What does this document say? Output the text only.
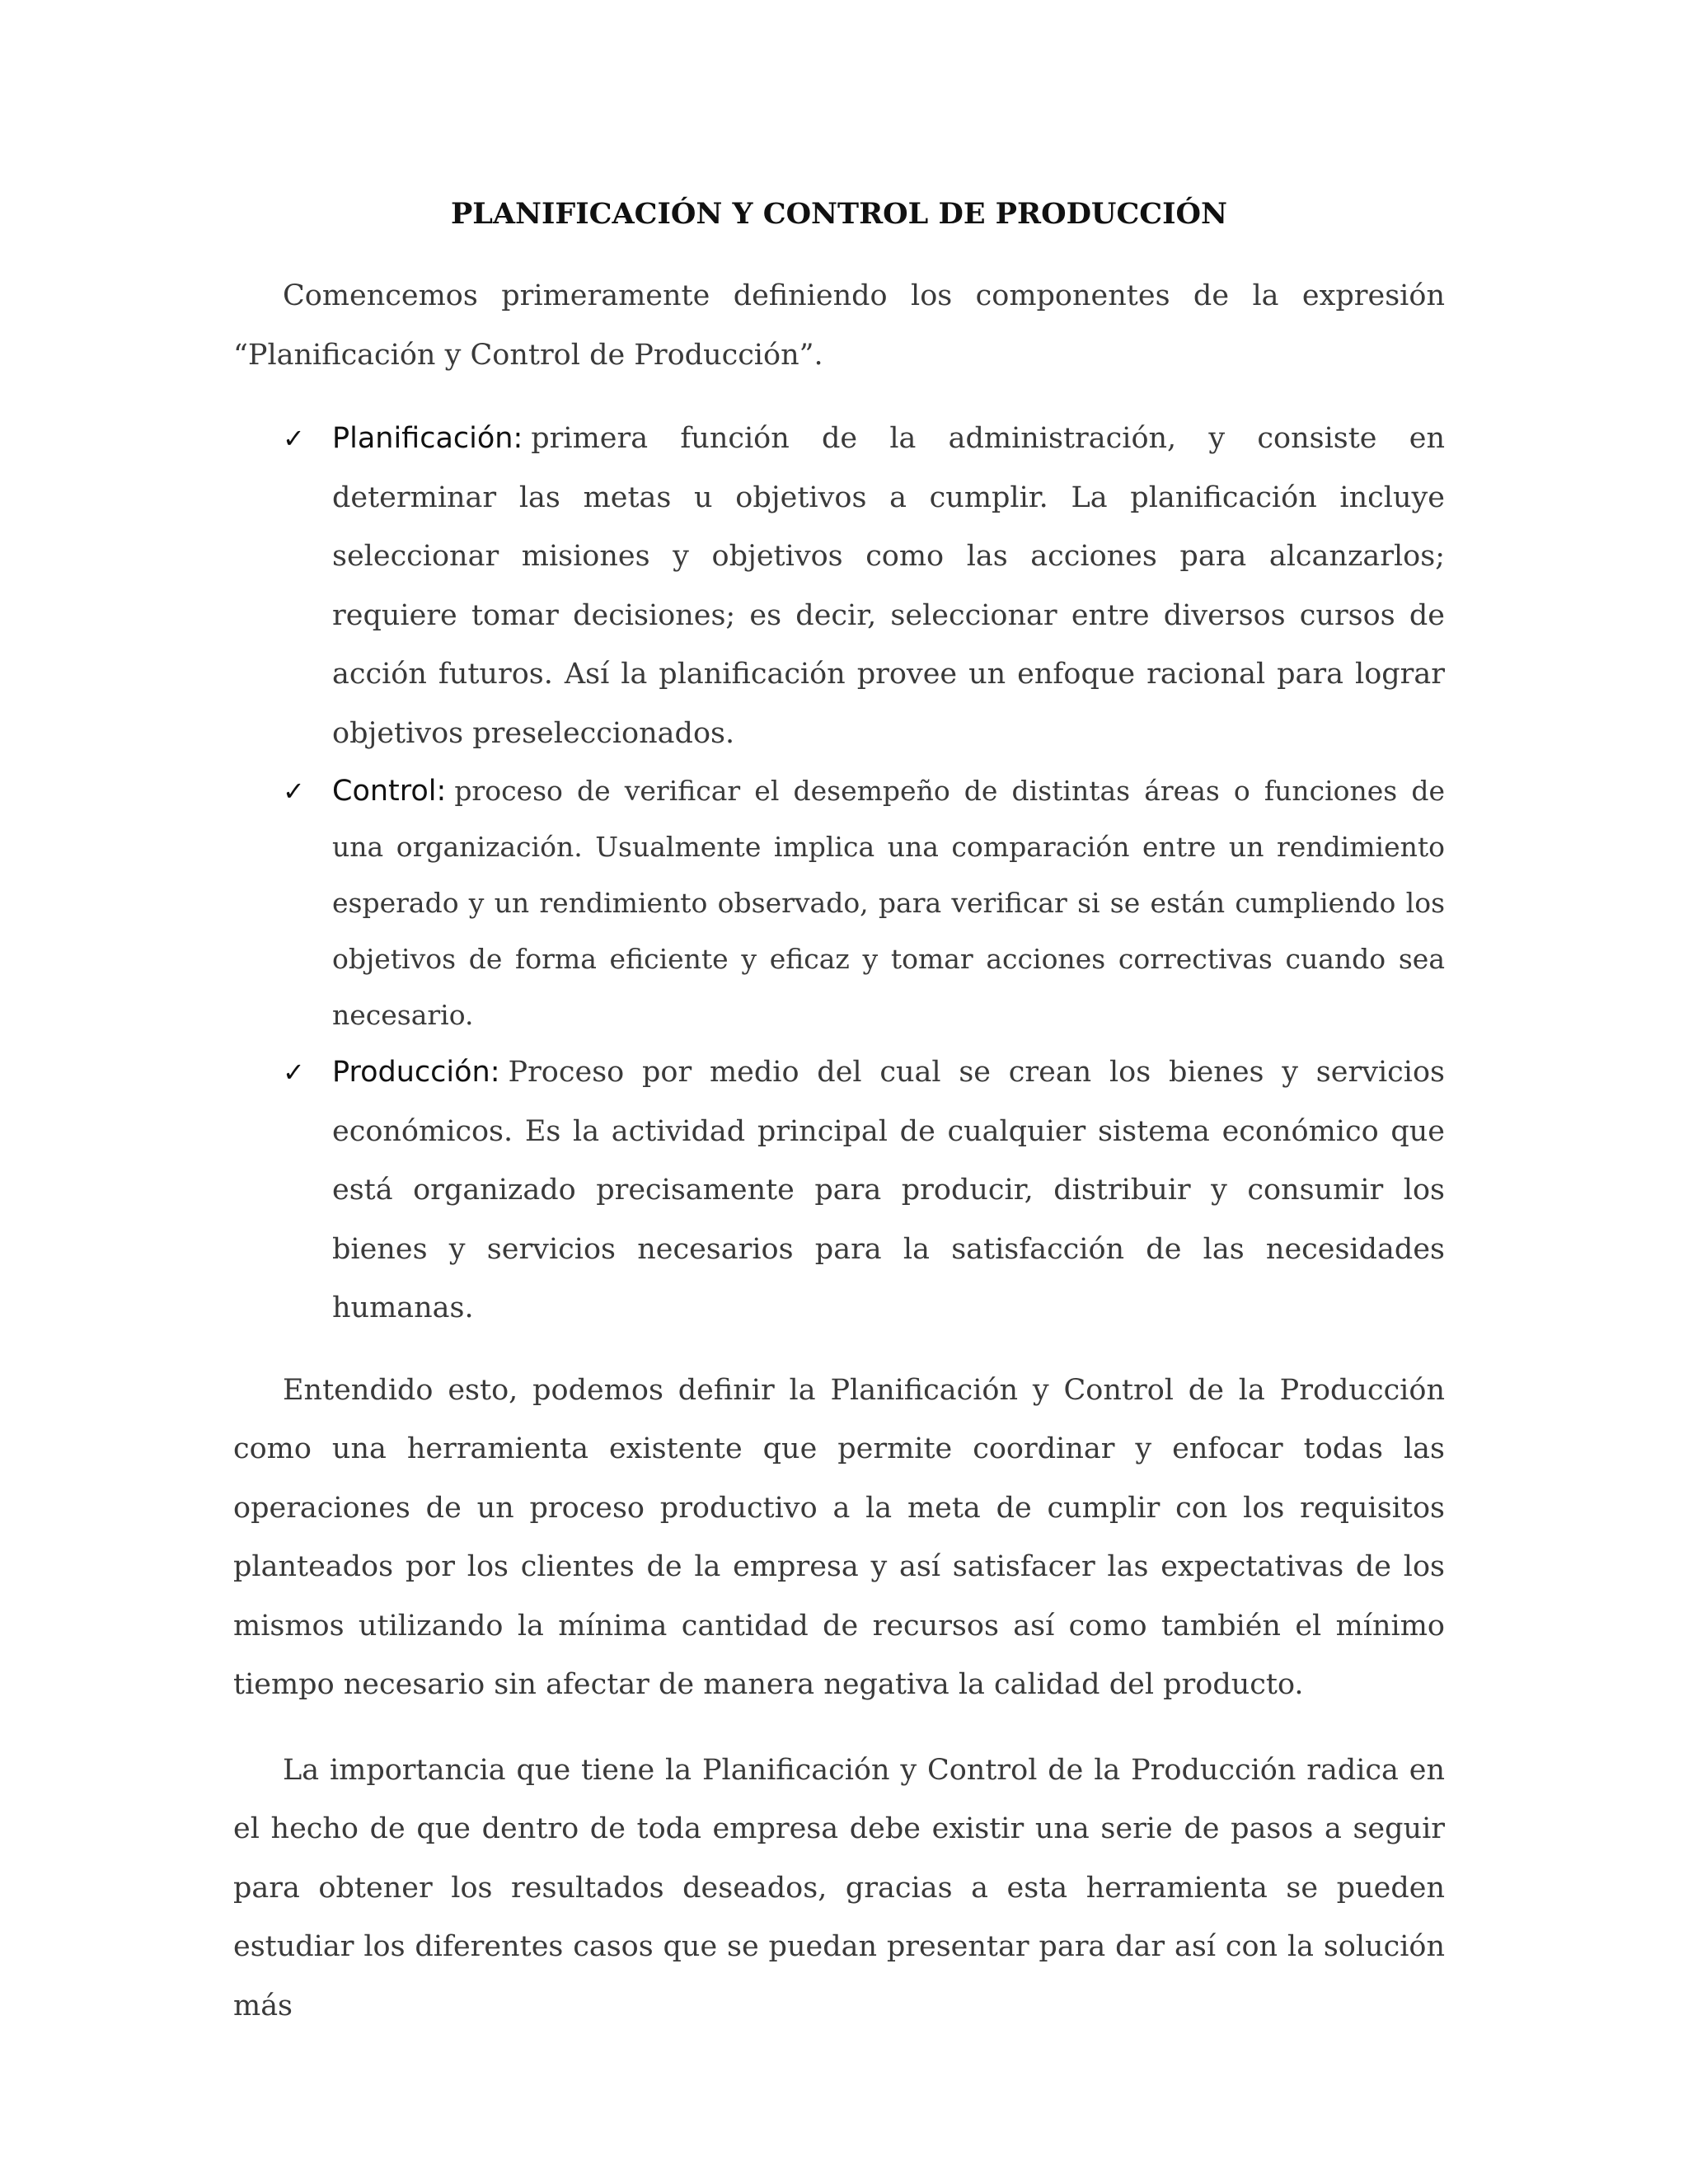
PLANIFICACIÓN Y CONTROL DE PRODUCCIÓN

Comencemos primeramente definiendo los componentes de la expresión “Planificación y Control de Producción”.

✓ Planificación: primera función de la administración, y consiste en determinar las metas u objetivos a cumplir. La planificación incluye seleccionar misiones y objetivos como las acciones para alcanzarlos; requiere tomar decisiones; es decir, seleccionar entre diversos cursos de acción futuros. Así la planificación provee un enfoque racional para lograr objetivos preseleccionados.
✓ Control: proceso de verificar el desempeño de distintas áreas o funciones de una organización. Usualmente implica una comparación entre un rendimiento esperado y un rendimiento observado, para verificar si se están cumpliendo los objetivos de forma eficiente y eficaz y tomar acciones correctivas cuando sea necesario.
✓ Producción: Proceso por medio del cual se crean los bienes y servicios económicos. Es la actividad principal de cualquier sistema económico que está organizado precisamente para producir, distribuir y consumir los bienes y servicios necesarios para la satisfacción de las necesidades humanas.

Entendido esto, podemos definir la Planificación y Control de la Producción como una herramienta existente que permite coordinar y enfocar todas las operaciones de un proceso productivo a la meta de cumplir con los requisitos planteados por los clientes de la empresa y así satisfacer las expectativas de los mismos utilizando la mínima cantidad de recursos así como también el mínimo tiempo necesario sin afectar de manera negativa la calidad del producto.

La importancia que tiene la Planificación y Control de la Producción radica en el hecho de que dentro de toda empresa debe existir una serie de pasos a seguir para obtener los resultados deseados, gracias a esta herramienta se pueden estudiar los diferentes casos que se puedan presentar para dar así con la solución más
